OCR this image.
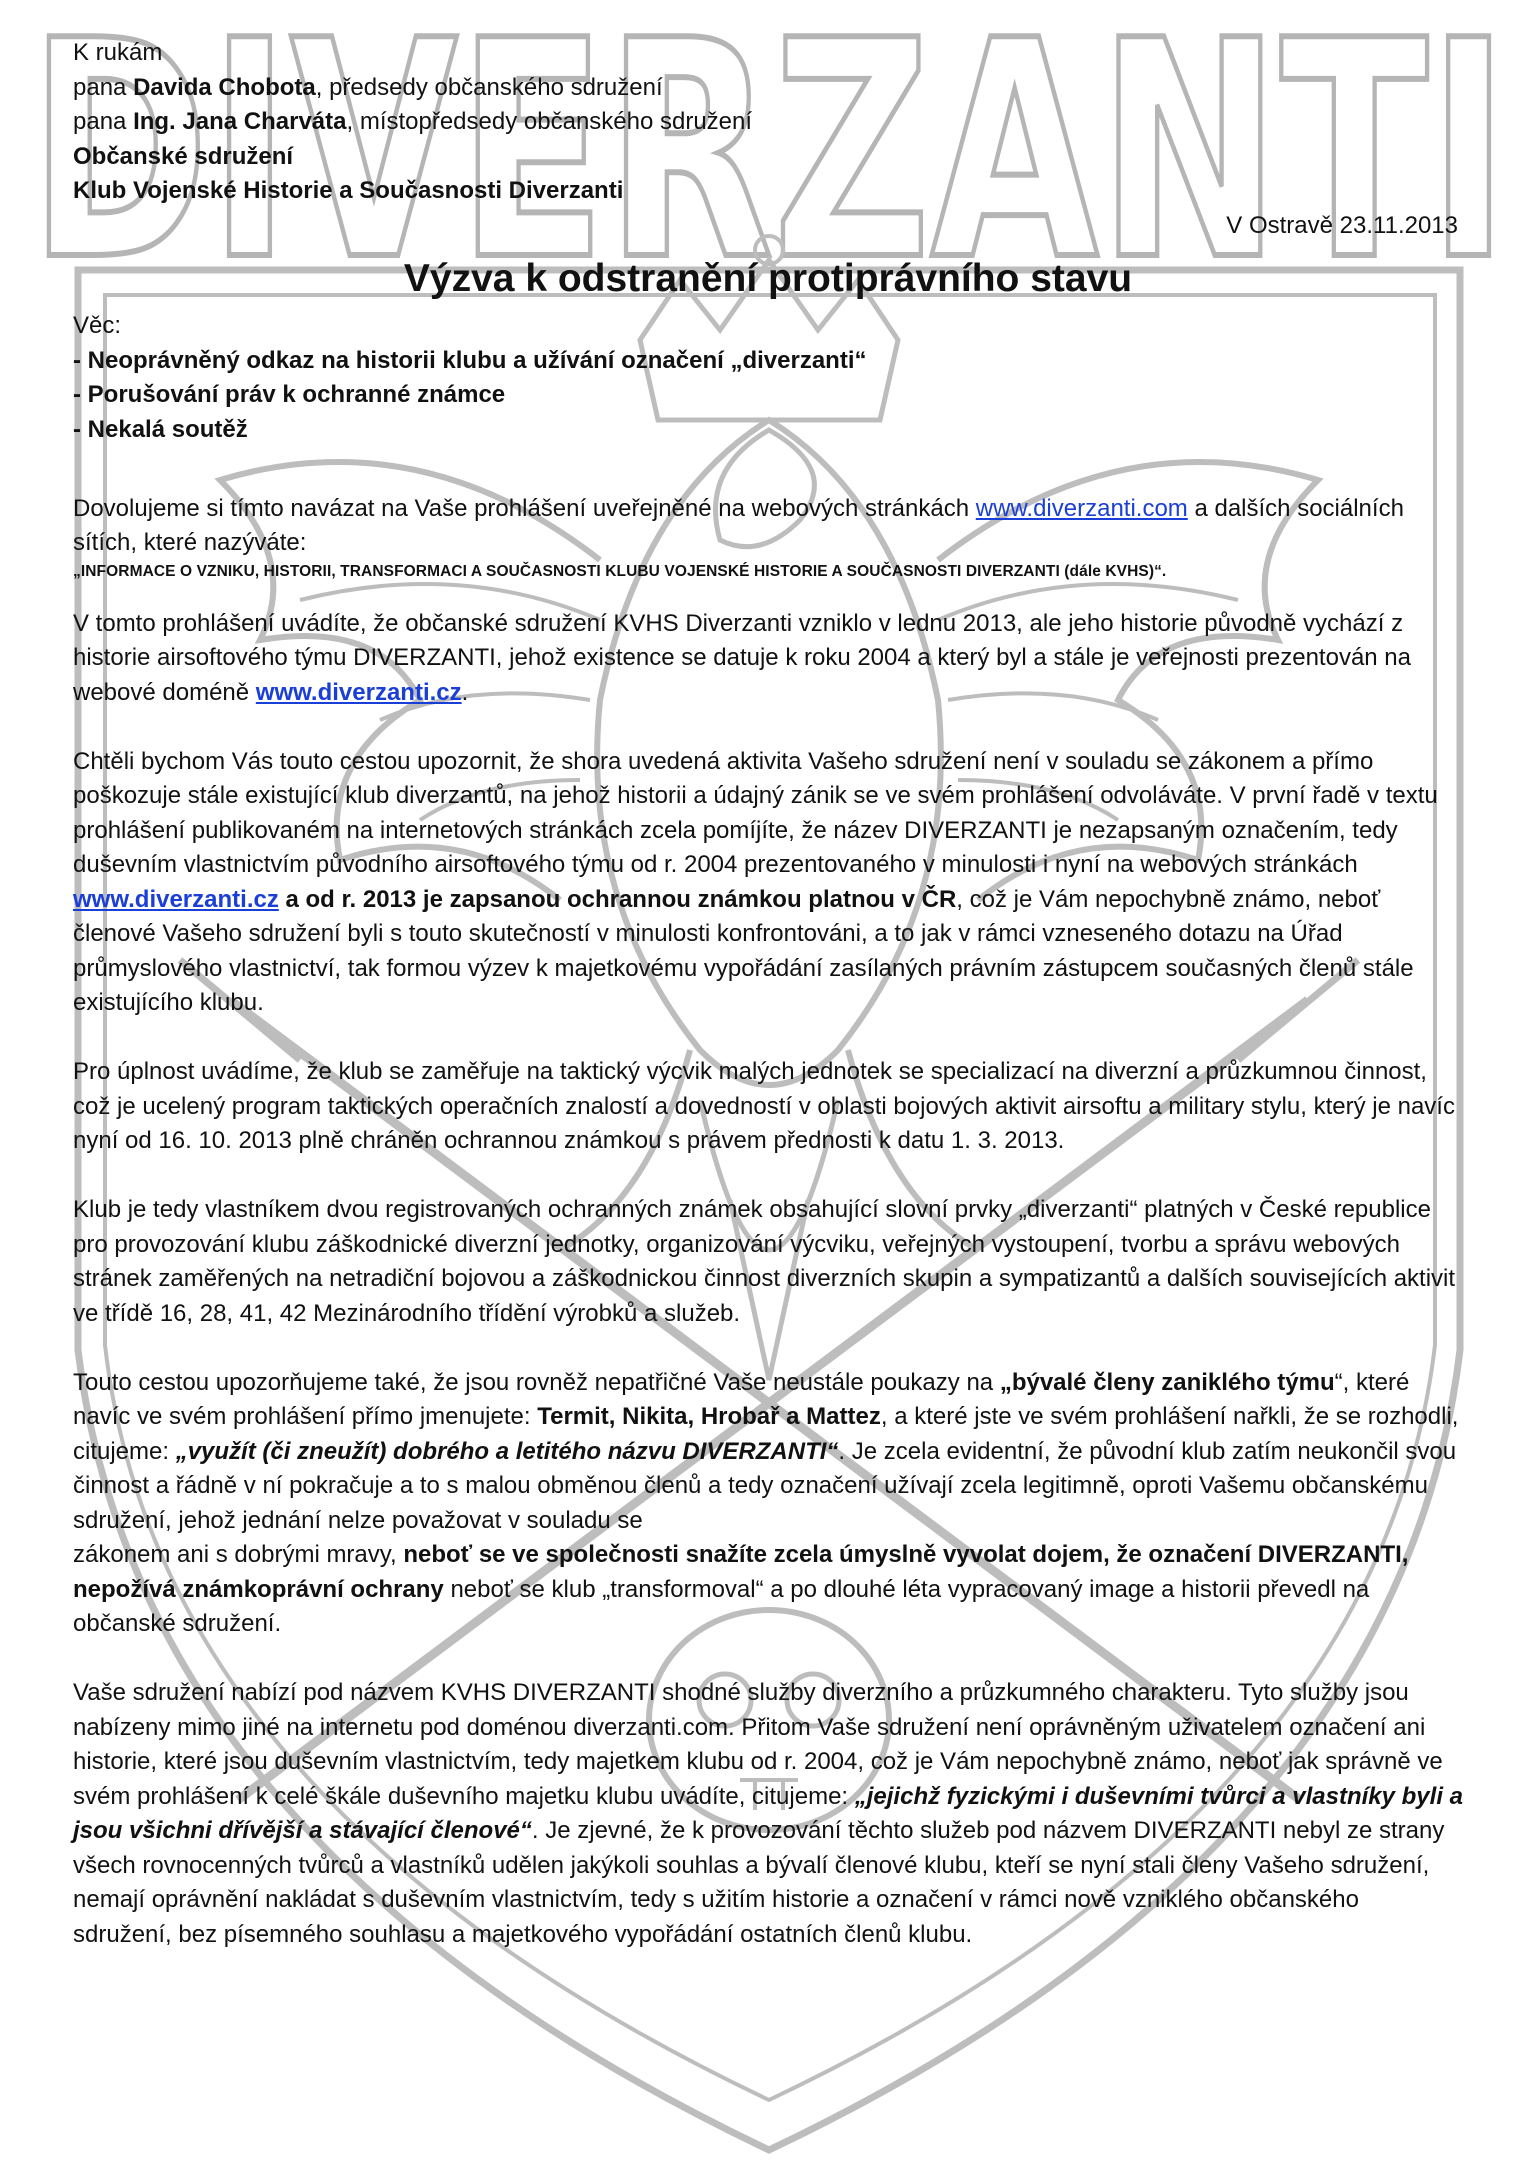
DIVERZANTI
K rukám
pana Davida Chobota, předsedy občanského sdružení
pana Ing. Jana Charváta, místopředsedy občanského sdružení
Občanské sdružení
Klub Vojenské Historie a Současnosti Diverzanti
V Ostravě 23.11.2013
Výzva k odstranění protiprávního stavu
Věc:
- Neoprávněný odkaz na historii klubu a užívání označení „diverzanti“
- Porušování práv k ochranné známce
- Nekalá soutěž
Dovolujeme si tímto navázat na Vaše prohlášení uveřejněné na webových stránkách www.diverzanti.com a dalších sociálních sítích, které nazýváte:
„INFORMACE O VZNIKU, HISTORII, TRANSFORMACI A SOUČASNOSTI KLUBU VOJENSKÉ HISTORIE A SOUČASNOSTI DIVERZANTI (dále KVHS)“.
V tomto prohlášení uvádíte, že občanské sdružení KVHS Diverzanti vzniklo v lednu 2013, ale jeho historie původně vychází z historie airsoftového týmu DIVERZANTI, jehož existence se datuje k roku 2004 a který byl a stále je veřejnosti prezentován na webové doméně www.diverzanti.cz.
Chtěli bychom Vás touto cestou upozornit, že shora uvedená aktivita Vašeho sdružení není v souladu se zákonem a přímo poškozuje stále existující klub diverzantů, na jehož historii a údajný zánik se ve svém prohlášení odvoláváte. V první řadě v textu prohlášení publikovaném na internetových stránkách zcela pomíjíte, že název DIVERZANTI je nezapsaným označením, tedy duševním vlastnictvím původního airsoftového týmu od r. 2004 prezentovaného v minulosti i nyní na webových stránkách www.diverzanti.cz a od r. 2013 je zapsanou ochrannou známkou platnou v ČR, což je Vám nepochybně známo, neboť členové Vašeho sdružení byli s touto skutečností v minulosti konfrontováni, a to jak v rámci vzneseného dotazu na Úřad průmyslového vlastnictví, tak formou výzev k majetkovému vypořádání zasílaných právním zástupcem současných členů stále existujícího klubu.
Pro úplnost uvádíme, že klub se zaměřuje na taktický výcvik malých jednotek se specializací na diverzní a průzkumnou činnost, což je ucelený program taktických operačních znalostí a dovedností v oblasti bojových aktivit airsoftu a military stylu, který je navíc nyní od 16. 10. 2013 plně chráněn ochrannou známkou s právem přednosti k datu 1. 3. 2013.
Klub je tedy vlastníkem dvou registrovaných ochranných známek obsahující slovní prvky „diverzanti“ platných v České republice pro provozování klubu záškodnické diverzní jednotky, organizování výcviku, veřejných vystoupení, tvorbu a správu webových stránek zaměřených na netradiční bojovou a záškodnickou činnost diverzních skupin a sympatizantů a dalších souvisejících aktivit ve třídě 16, 28, 41, 42 Mezinárodního třídění výrobků a služeb.
Touto cestou upozorňujeme také, že jsou rovněž nepatřičné Vaše neustále poukazy na „bývalé členy zaniklého týmu“, které navíc ve svém prohlášení přímo jmenujete: Termit, Nikita, Hrobař a Mattez, a které jste ve svém prohlášení nařkli, že se rozhodli, citujeme: „využít (či zneužít) dobrého a letitého názvu DIVERZANTI“. Je zcela evidentní, že původní klub zatím neukončil svou činnost a řádně v ní pokračuje a to s malou obměnou členů a tedy označení užívají zcela legitimně, oproti Vašemu občanskému sdružení, jehož jednání nelze považovat v souladu se
zákonem ani s dobrými mravy, neboť se ve společnosti snažíte zcela úmyslně vyvolat dojem, že označení DIVERZANTI, nepožívá známkoprávní ochrany neboť se klub „transformoval“ a po dlouhé léta vypracovaný image a historii převedl na občanské sdružení.
Vaše sdružení nabízí pod názvem KVHS DIVERZANTI shodné služby diverzního a průzkumného charakteru. Tyto služby jsou nabízeny mimo jiné na internetu pod doménou diverzanti.com. Přitom Vaše sdružení není oprávněným uživatelem označení ani historie, které jsou duševním vlastnictvím, tedy majetkem klubu od r. 2004, což je Vám nepochybně známo, neboť jak správně ve svém prohlášení k celé škále duševního majetku klubu uvádíte, citujeme: „jejichž fyzickými i duševními tvůrci a vlastníky byli a jsou všichni dřívější a stávající členové“. Je zjevné, že k provozování těchto služeb pod názvem DIVERZANTI nebyl ze strany všech rovnocenných tvůrců a vlastníků udělen jakýkoli souhlas a bývalí členové klubu, kteří se nyní stali členy Vašeho sdružení, nemají oprávnění nakládat s duševním vlastnictvím, tedy s užitím historie a označení v rámci nově vzniklého občanského sdružení, bez písemného souhlasu a majetkového vypořádání ostatních členů klubu.
